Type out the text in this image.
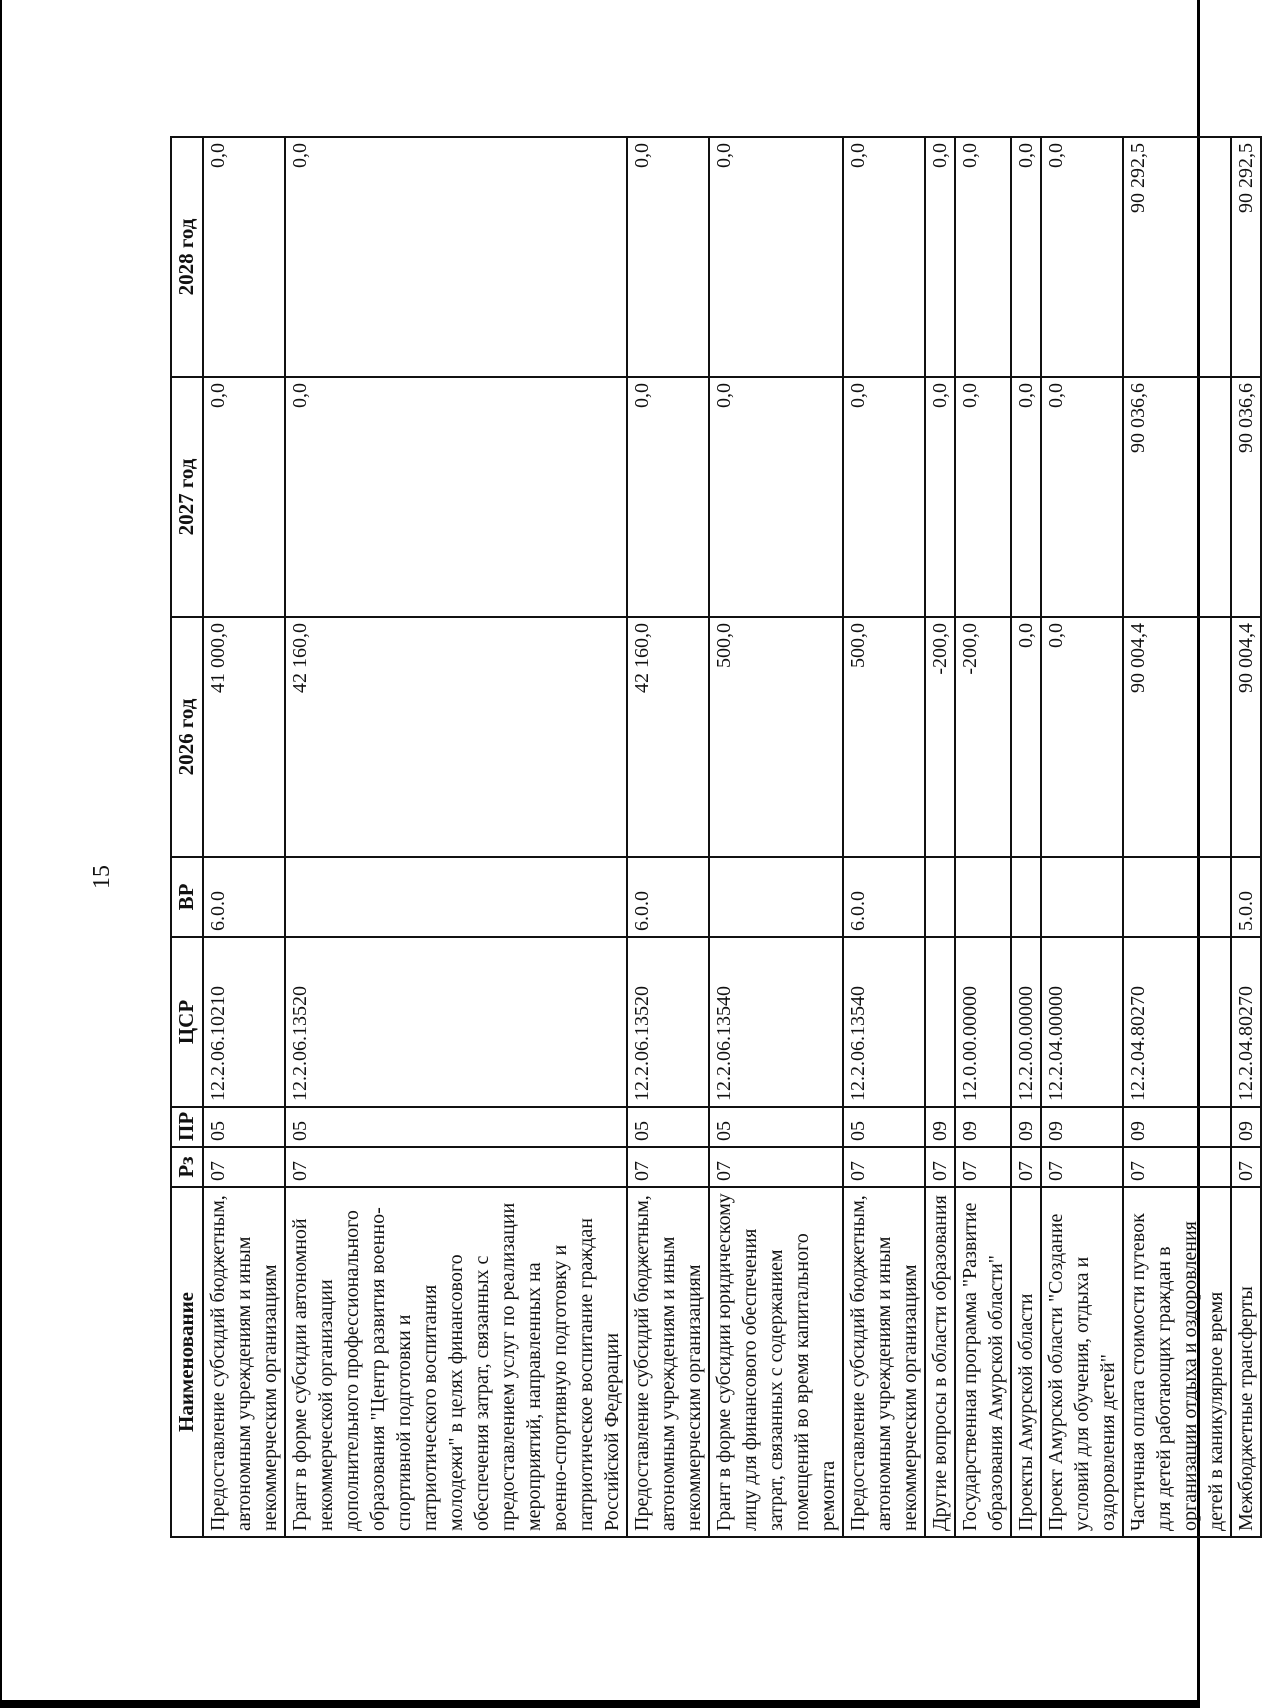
15
Наименование	Рз	ПР	ЦСР	ВР	2026 год	2027 год	2028 год
Предоставление субсидий бюджетным, автономным учреждениям и иным некоммерческим организациям	07	05	12.2.06.10210	6.0.0	41 000,0	0,0	0,0
Грант в форме субсидии автономной некоммерческой организации дополнительного профессионального образования "Центр развития военно-спортивной подготовки и патриотического воспитания молодежи" в целях финансового обеспечения затрат, связанных с предоставлением услуг по реализации мероприятий, направленных на военно-спортивную подготовку и патриотическое воспитание граждан Российской Федерации	07	05	12.2.06.13520		42 160,0	0,0	0,0
Предоставление субсидий бюджетным, автономным учреждениям и иным некоммерческим организациям	07	05	12.2.06.13520	6.0.0	42 160,0	0,0	0,0
Грант в форме субсидии юридическому лицу для финансового обеспечения затрат, связанных с содержанием помещений во время капитального ремонта	07	05	12.2.06.13540		500,0	0,0	0,0
Предоставление субсидий бюджетным, автономным учреждениям и иным некоммерческим организациям	07	05	12.2.06.13540	6.0.0	500,0	0,0	0,0
Другие вопросы в области образования	07	09			-200,0	0,0	0,0
Государственная программа "Развитие образования Амурской области"	07	09	12.0.00.00000		-200,0	0,0	0,0
Проекты Амурской области	07	09	12.2.00.00000		0,0	0,0	0,0
Проект Амурской области "Создание условий для обучения, отдыха и оздоровления детей"	07	09	12.2.04.00000		0,0	0,0	0,0
Частичная оплата стоимости путевок для детей работающих граждан в организации отдыха и оздоровления детей в каникулярное время	07	09	12.2.04.80270		90 004,4	90 036,6	90 292,5
Межбюджетные трансферты	07	09	12.2.04.80270	5.0.0	90 004,4	90 036,6	90 292,5
